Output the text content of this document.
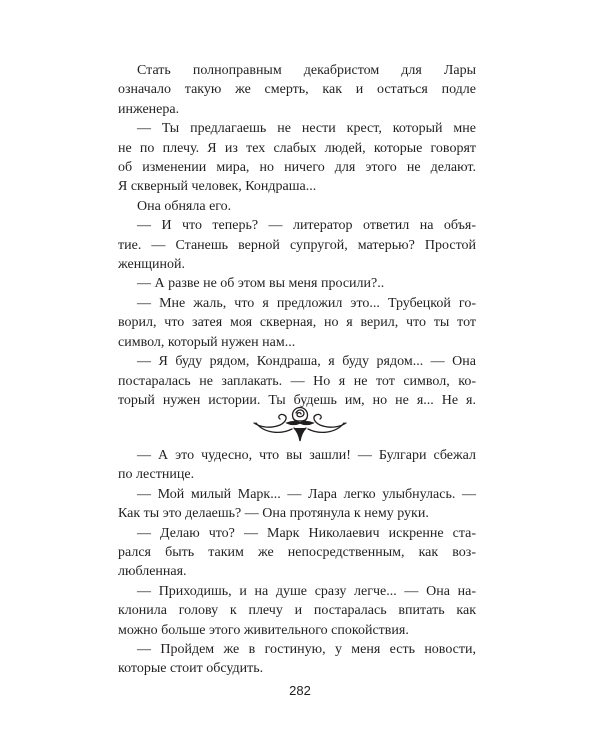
Стать полноправным декабристом для Лары

означало такую же смерть, как и остаться подле

инженера.

— Ты предлагаешь не нести крест, который мне

не по плечу. Я из тех слабых людей, которые говорят

об изменении мира, но ничего для этого не делают.

Я скверный человек, Кондраша...

Она обняла его.

— И что теперь? — литератор ответил на объя-

тие. — Станешь верной супругой, матерью? Простой

женщиной.

— А разве не об этом вы меня просили?..

— Мне жаль, что я предложил это... Трубецкой го-

ворил, что затея моя скверная, но я верил, что ты тот

символ, который нужен нам...

— Я буду рядом, Кондраша, я буду рядом... — Она

постаралась не заплакать. — Но я не тот символ, ко-

торый нужен истории. Ты будешь им, но не я... Не я.

— А это чудесно, что вы зашли! — Булгари сбежал

по лестнице.

— Мой милый Марк... — Лара легко улыбнулась. —

Как ты это делаешь? — Она протянула к нему руки.

— Делаю что? — Марк Николаевич искренне ста-

рался быть таким же непосредственным, как воз-

любленная.

— Приходишь, и на душе сразу легче... — Она на-

клонила голову к плечу и постаралась впитать как

можно больше этого живительного спокойствия.

— Пройдем же в гостиную, у меня есть новости,

которые стоит обсудить.

282
